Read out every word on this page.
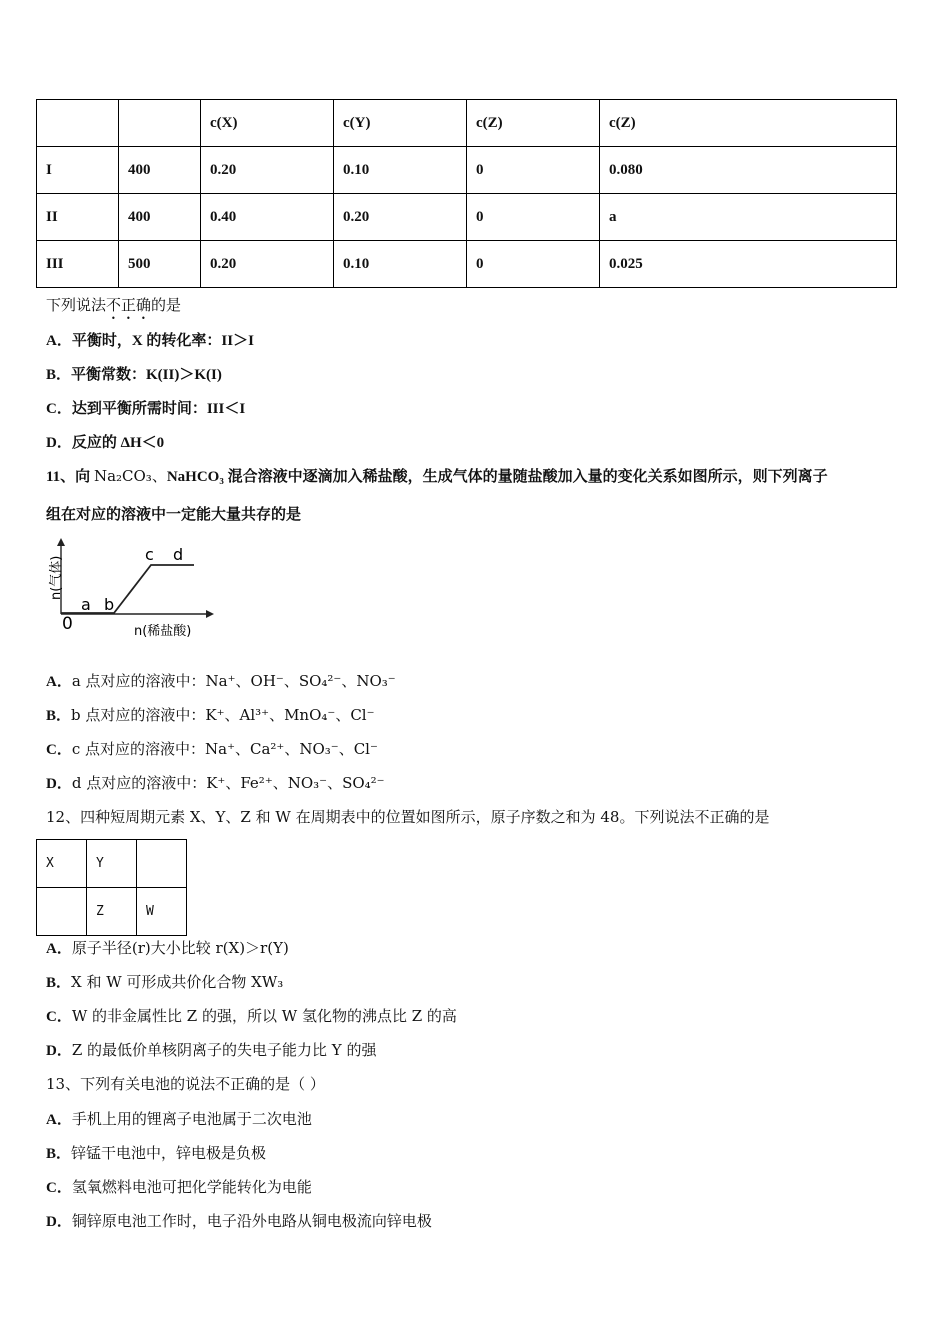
		c(X)	c(Y)	c(Z)	c(Z)
I	400	0.20	0.10	0	0.080
II	400	0.40	0.20	0	a
III	500	0.20	0.10	0	0.025
下列说法不正确的是
A．平衡时，X 的转化率：II＞I
B．平衡常数：K(II)＞K(I)
C．达到平衡所需时间：III＜I
D．反应的 ΔH＜0
11、向 Na₂CO₃、NaHCO₃ 混合溶液中逐滴加入稀盐酸，生成气体的量随盐酸加入量的变化关系如图所示，则下列离子
组在对应的溶液中一定能大量共存的是
n(气体)
0	n(稀盐酸)
a b
c d
A．a 点对应的溶液中：Na⁺、OH⁻、SO₄²⁻、NO₃⁻
B．b 点对应的溶液中：K⁺、Al³⁺、MnO₄⁻、Cl⁻
C．c 点对应的溶液中：Na⁺、Ca²⁺、NO₃⁻、Cl⁻
D．d 点对应的溶液中：K⁺、Fe²⁺、NO₃⁻、SO₄²⁻
12、四种短周期元素 X、Y、Z 和 W 在周期表中的位置如图所示，原子序数之和为 48。下列说法不正确的是
X	Y	
	Z	W
A．原子半径(r)大小比较 r(X)＞r(Y)
B．X 和 W 可形成共价化合物 XW₃
C．W 的非金属性比 Z 的强，所以 W 氢化物的沸点比 Z 的高
D．Z 的最低价单核阴离子的失电子能力比 Y 的强
13、下列有关电池的说法不正确的是（ ）
A．手机上用的锂离子电池属于二次电池
B．锌锰干电池中，锌电极是负极
C．氢氧燃料电池可把化学能转化为电能
D．铜锌原电池工作时，电子沿外电路从铜电极流向锌电极
